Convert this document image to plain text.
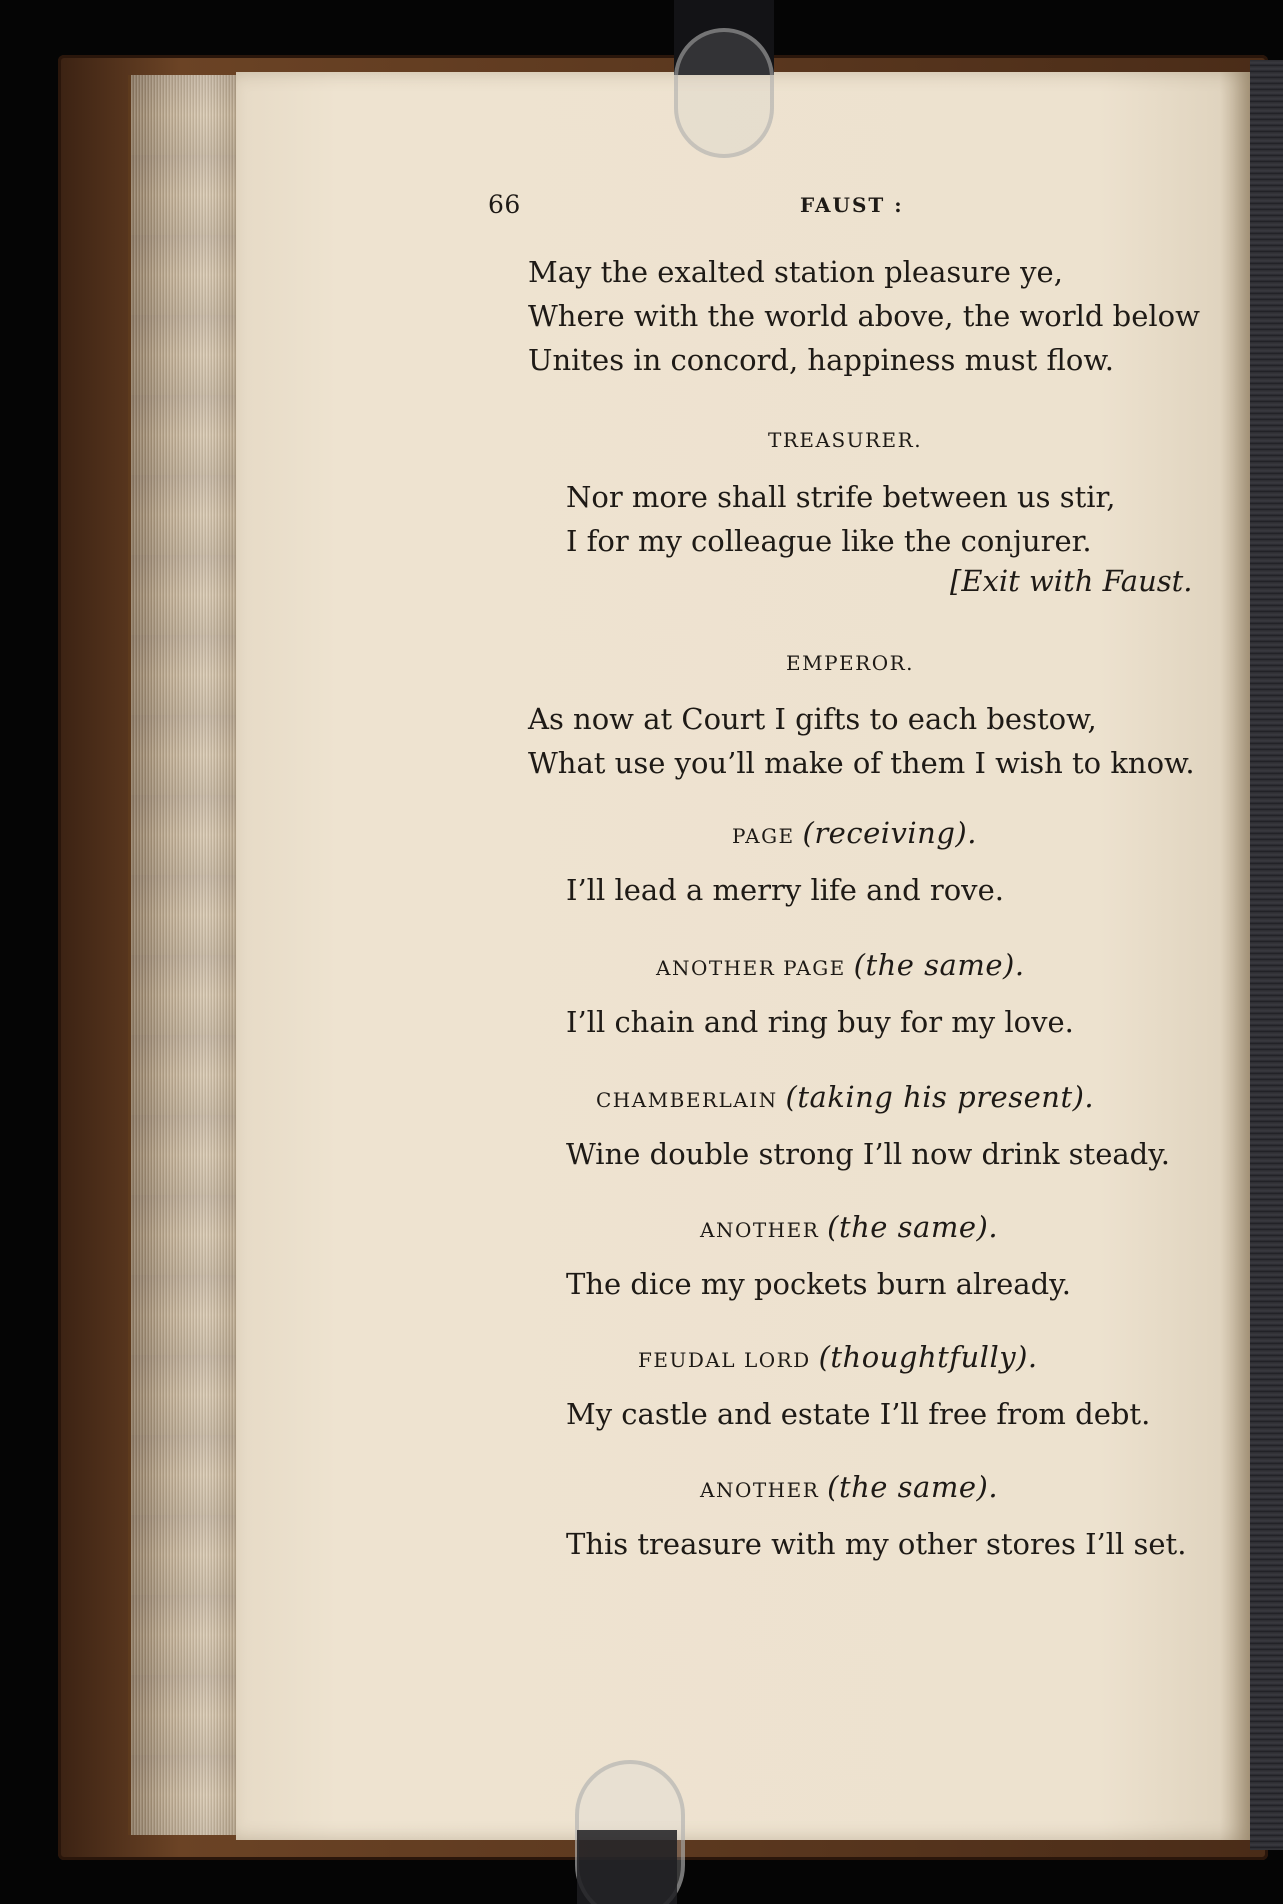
66	FAUST :
May the exalted station pleasure ye,
Where with the world above, the world below
Unites in concord, happiness must flow.
TREASURER.
Nor more shall strife between us stir,
I for my colleague like the conjurer.
[Exit with Faust.
EMPEROR.
As now at Court I gifts to each bestow,
What use you’ll make of them I wish to know.
PAGE (receiving).
I’ll lead a merry life and rove.
ANOTHER PAGE (the same).
I’ll chain and ring buy for my love.
CHAMBERLAIN (taking his present).
Wine double strong I’ll now drink steady.
ANOTHER (the same).
The dice my pockets burn already.
FEUDAL LORD (thoughtfully).
My castle and estate I’ll free from debt.
ANOTHER (the same).
This treasure with my other stores I’ll set.
